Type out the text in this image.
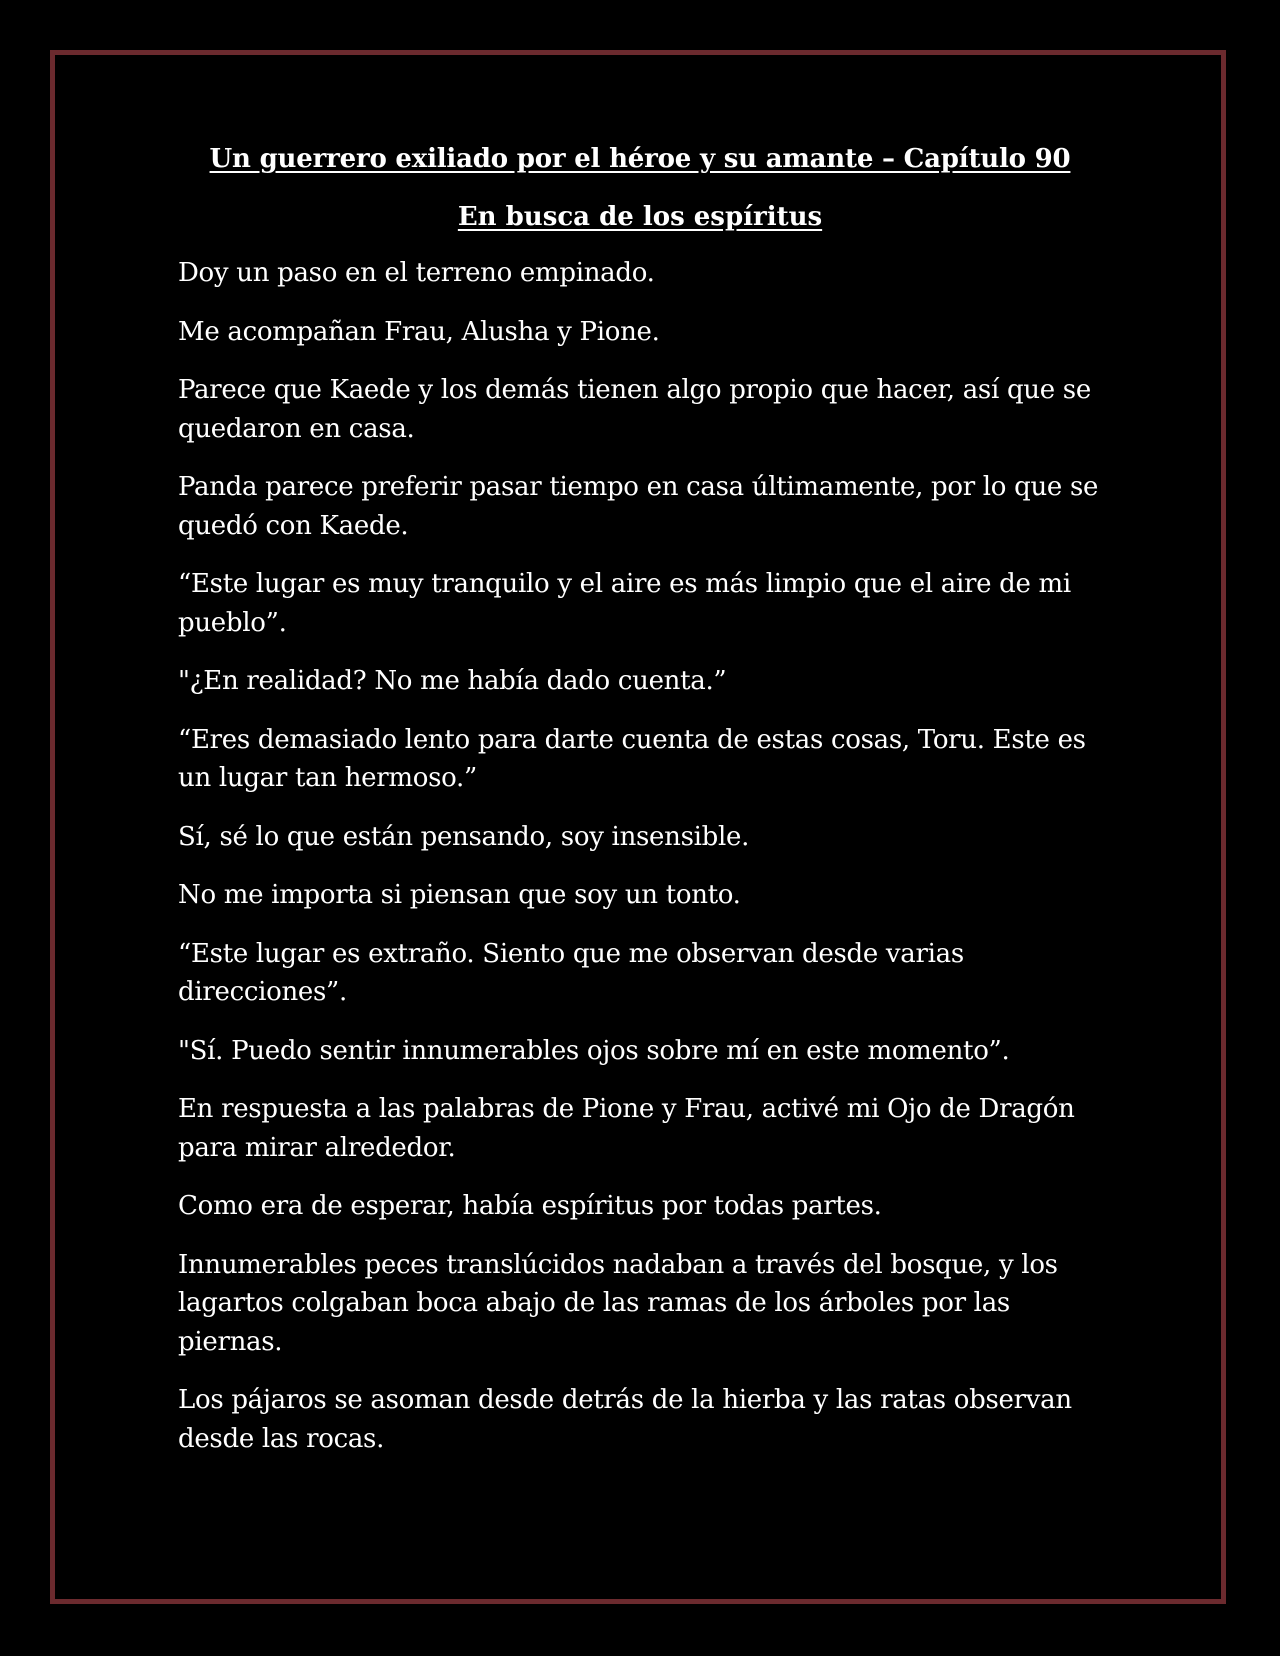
Un guerrero exiliado por el héroe y su amante – Capítulo 90
En busca de los espíritus

Doy un paso en el terreno empinado.

Me acompañan Frau, Alusha y Pione.

Parece que Kaede y los demás tienen algo propio que hacer, así que se quedaron en casa.

Panda parece preferir pasar tiempo en casa últimamente, por lo que se quedó con Kaede.

“Este lugar es muy tranquilo y el aire es más limpio que el aire de mi pueblo”.

"¿En realidad? No me había dado cuenta.”

“Eres demasiado lento para darte cuenta de estas cosas, Toru. Este es un lugar tan hermoso.”

Sí, sé lo que están pensando, soy insensible.

No me importa si piensan que soy un tonto.

“Este lugar es extraño. Siento que me observan desde varias direcciones”.

"Sí. Puedo sentir innumerables ojos sobre mí en este momento”.

En respuesta a las palabras de Pione y Frau, activé mi Ojo de Dragón para mirar alrededor.

Como era de esperar, había espíritus por todas partes.

Innumerables peces translúcidos nadaban a través del bosque, y los lagartos colgaban boca abajo de las ramas de los árboles por las piernas.

Los pájaros se asoman desde detrás de la hierba y las ratas observan desde las rocas.
